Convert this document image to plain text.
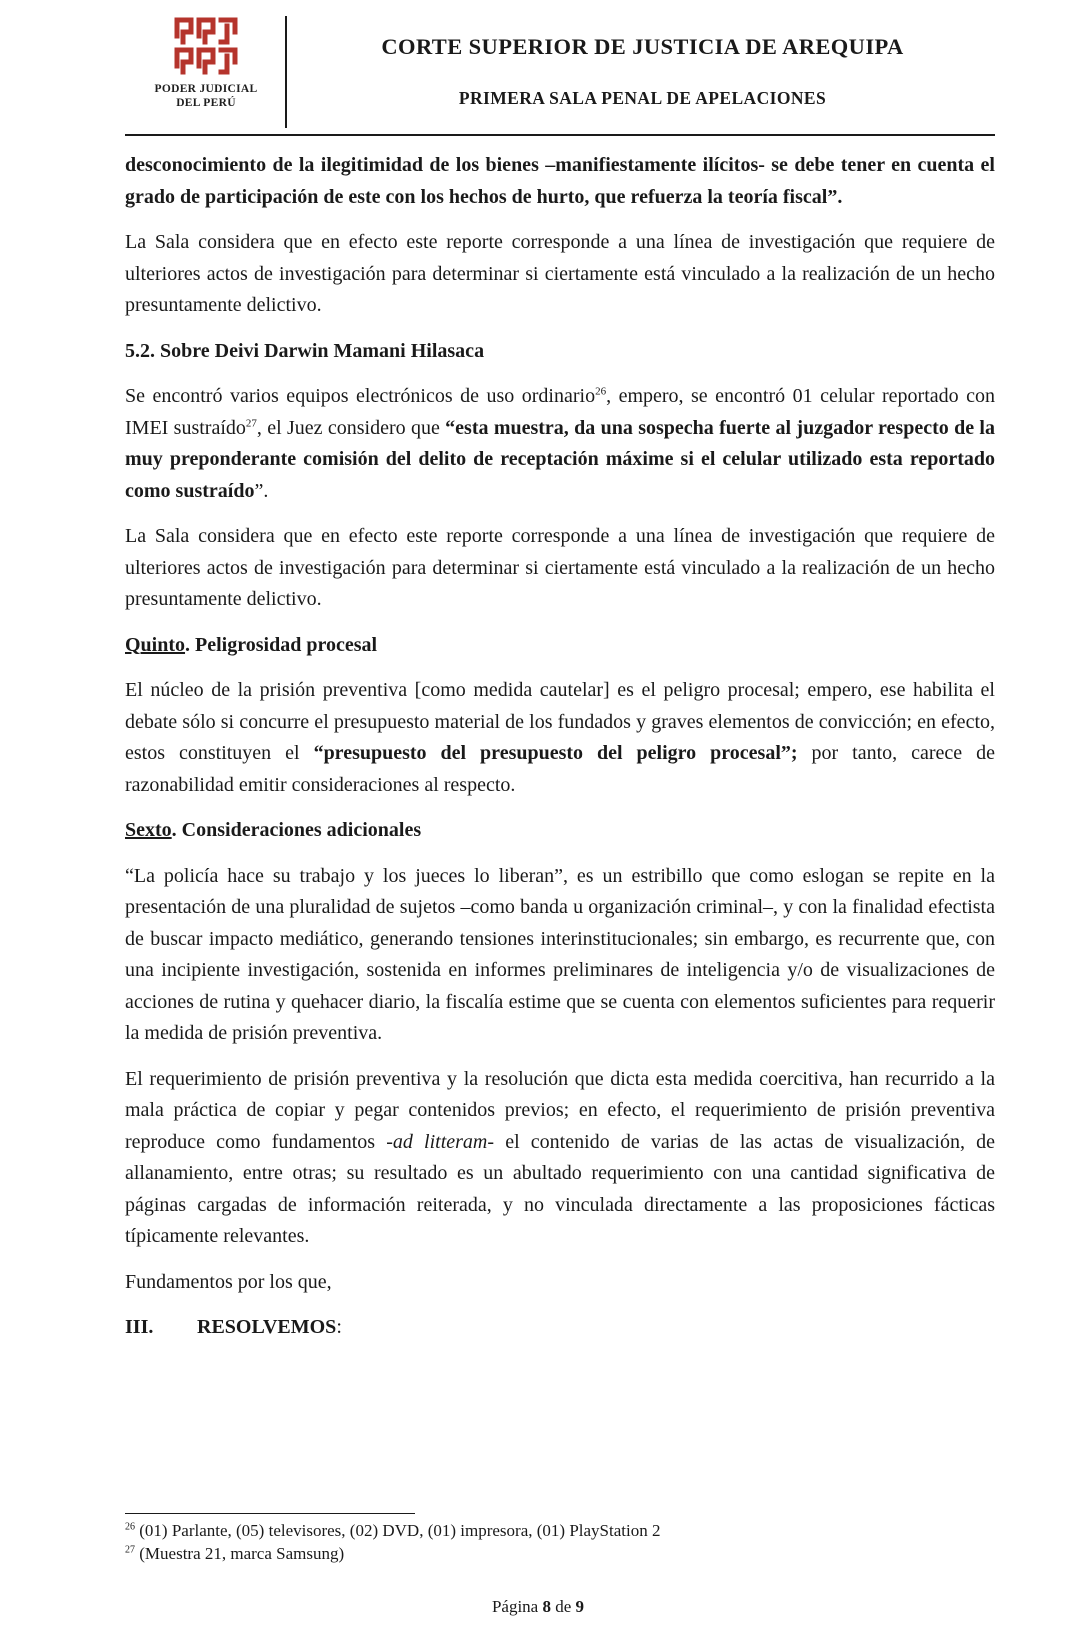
PODER JUDICIAL
DEL PERÚ
CORTE SUPERIOR DE JUSTICIA DE AREQUIPA
PRIMERA SALA PENAL DE APELACIONES

desconocimiento de la ilegitimidad de los bienes –manifiestamente ilícitos- se debe tener en cuenta el grado de participación de este con los hechos de hurto, que refuerza la teoría fiscal”.

La Sala considera que en efecto este reporte corresponde a una línea de investigación que requiere de ulteriores actos de investigación para determinar si ciertamente está vinculado a la realización de un hecho presuntamente delictivo.

5.2. Sobre Deivi Darwin Mamani Hilasaca

Se encontró varios equipos electrónicos de uso ordinario$^{26}$, empero, se encontró 01 celular reportado con IMEI sustraído$^{27}$, el Juez considero que “esta muestra, da una sospecha fuerte al juzgador respecto de la muy preponderante comisión del delito de receptación máxime si el celular utilizado esta reportado como sustraído”.

La Sala considera que en efecto este reporte corresponde a una línea de investigación que requiere de ulteriores actos de investigación para determinar si ciertamente está vinculado a la realización de un hecho presuntamente delictivo.

Quinto. Peligrosidad procesal

El núcleo de la prisión preventiva [como medida cautelar] es el peligro procesal; empero, ese habilita el debate sólo si concurre el presupuesto material de los fundados y graves elementos de convicción; en efecto, estos constituyen el “presupuesto del presupuesto del peligro procesal”; por tanto, carece de razonabilidad emitir consideraciones al respecto.

Sexto. Consideraciones adicionales

“La policía hace su trabajo y los jueces lo liberan”, es un estribillo que como eslogan se repite en la presentación de una pluralidad de sujetos –como banda u organización criminal–, y con la finalidad efectista de buscar impacto mediático, generando tensiones interinstitucionales; sin embargo, es recurrente que, con una incipiente investigación, sostenida en informes preliminares de inteligencia y/o de visualizaciones de acciones de rutina y quehacer diario, la fiscalía estime que se cuenta con elementos suficientes para requerir la medida de prisión preventiva.

El requerimiento de prisión preventiva y la resolución que dicta esta medida coercitiva, han recurrido a la mala práctica de copiar y pegar contenidos previos; en efecto, el requerimiento de prisión preventiva reproduce como fundamentos -ad litteram- el contenido de varias de las actas de visualización, de allanamiento, entre otras; su resultado es un abultado requerimiento con una cantidad significativa de páginas cargadas de información reiterada, y no vinculada directamente a las proposiciones fácticas típicamente relevantes.

Fundamentos por los que,

III. RESOLVEMOS:

$^{26}$ (01) Parlante, (05) televisores, (02) DVD, (01) impresora, (01) PlayStation 2
$^{27}$ (Muestra 21, marca Samsung)
Página 8 de 9
